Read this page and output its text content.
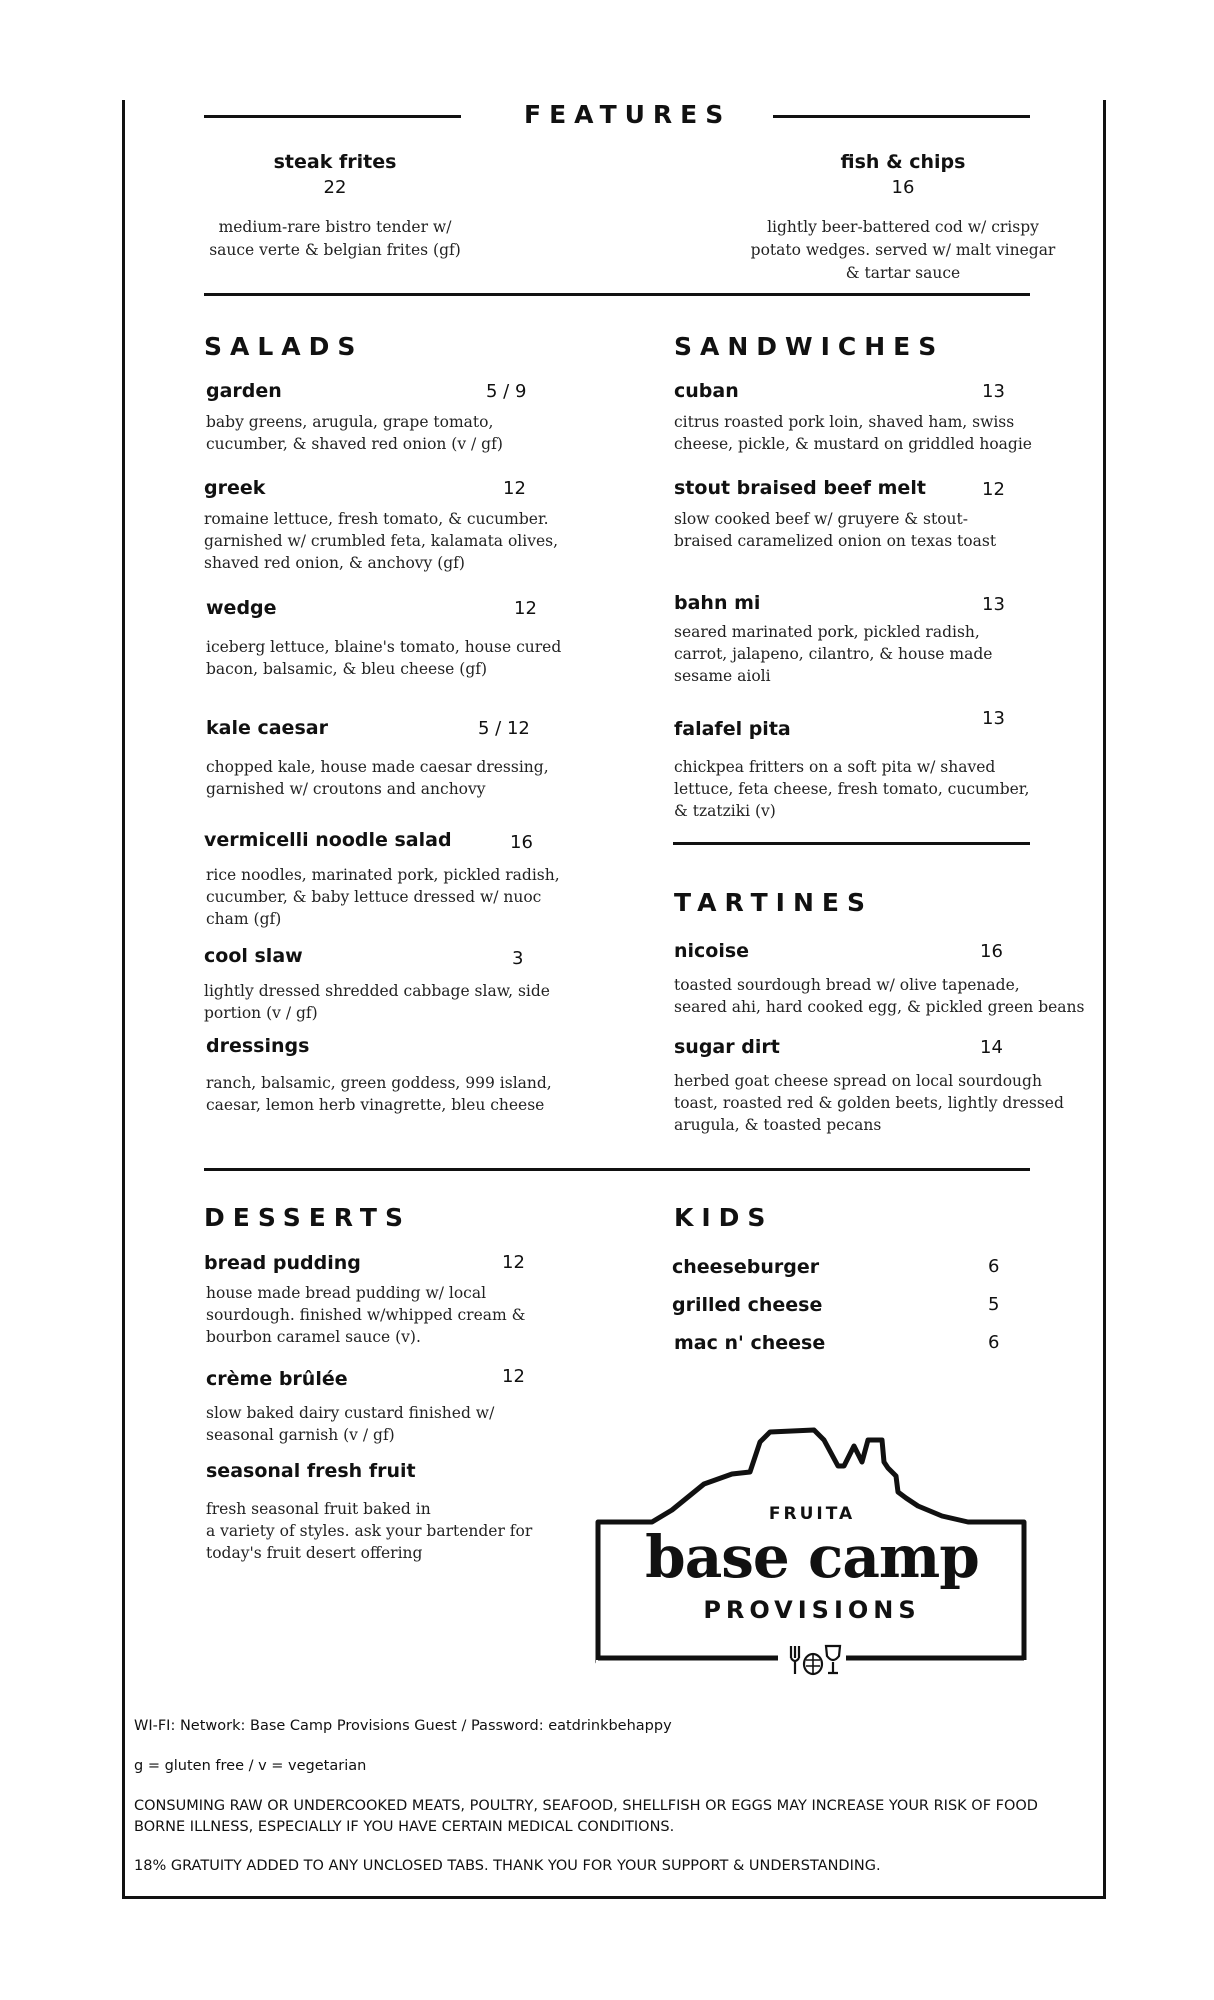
FEATURES
steak frites
22
medium-rare bistro tender w/
sauce verte & belgian frites (gf)
fish & chips
16
lightly beer-battered cod w/ crispy
potato wedges. served w/ malt vinegar
& tartar sauce
SALADS
garden	5 / 9
baby greens, arugula, grape tomato,
cucumber, & shaved red onion (v / gf)
greek	12
romaine lettuce, fresh tomato, & cucumber.
garnished w/ crumbled feta, kalamata olives,
shaved red onion, & anchovy (gf)
wedge	12
iceberg lettuce, blaine's tomato, house cured
bacon, balsamic, & bleu cheese (gf)
kale caesar	5 / 12
chopped kale, house made caesar dressing,
garnished w/ croutons and anchovy
vermicelli noodle salad	16
rice noodles, marinated pork, pickled radish,
cucumber, & baby lettuce dressed w/ nuoc
cham (gf)
cool slaw	3
lightly dressed shredded cabbage slaw, side
portion (v / gf)
dressings
ranch, balsamic, green goddess, 999 island,
caesar, lemon herb vinagrette, bleu cheese
SANDWICHES
cuban	13
citrus roasted pork loin, shaved ham, swiss
cheese, pickle, & mustard on griddled hoagie
stout braised beef melt	12
slow cooked beef w/ gruyere & stout-
braised caramelized onion on texas toast
bahn mi	13
seared marinated pork, pickled radish,
carrot, jalapeno, cilantro, & house made
sesame aioli
falafel pita	13
chickpea fritters on a soft pita w/ shaved
lettuce, feta cheese, fresh tomato, cucumber,
& tzatziki (v)
TARTINES
nicoise	16
toasted sourdough bread w/ olive tapenade,
seared ahi, hard cooked egg, & pickled green beans
sugar dirt	14
herbed goat cheese spread on local sourdough
toast, roasted red & golden beets, lightly dressed
arugula, & toasted pecans
DESSERTS
bread pudding	12
house made bread pudding w/ local
sourdough. finished w/whipped cream &
bourbon caramel sauce (v).
crème brûlée	12
slow baked dairy custard finished w/
seasonal garnish (v / gf)
seasonal fresh fruit
fresh seasonal fruit baked in
a variety of styles. ask your bartender for
today's fruit desert offering
KIDS
cheeseburger	6
grilled cheese	5
mac n' cheese	6
FRUITA
base camp
PROVISIONS
WI-FI: Network: Base Camp Provisions Guest / Password: eatdrinkbehappy
g = gluten free / v = vegetarian
CONSUMING RAW OR UNDERCOOKED MEATS, POULTRY, SEAFOOD, SHELLFISH OR EGGS MAY INCREASE YOUR RISK OF FOOD BORNE ILLNESS, ESPECIALLY IF YOU HAVE CERTAIN MEDICAL CONDITIONS.
18% GRATUITY ADDED TO ANY UNCLOSED TABS. THANK YOU FOR YOUR SUPPORT & UNDERSTANDING.
